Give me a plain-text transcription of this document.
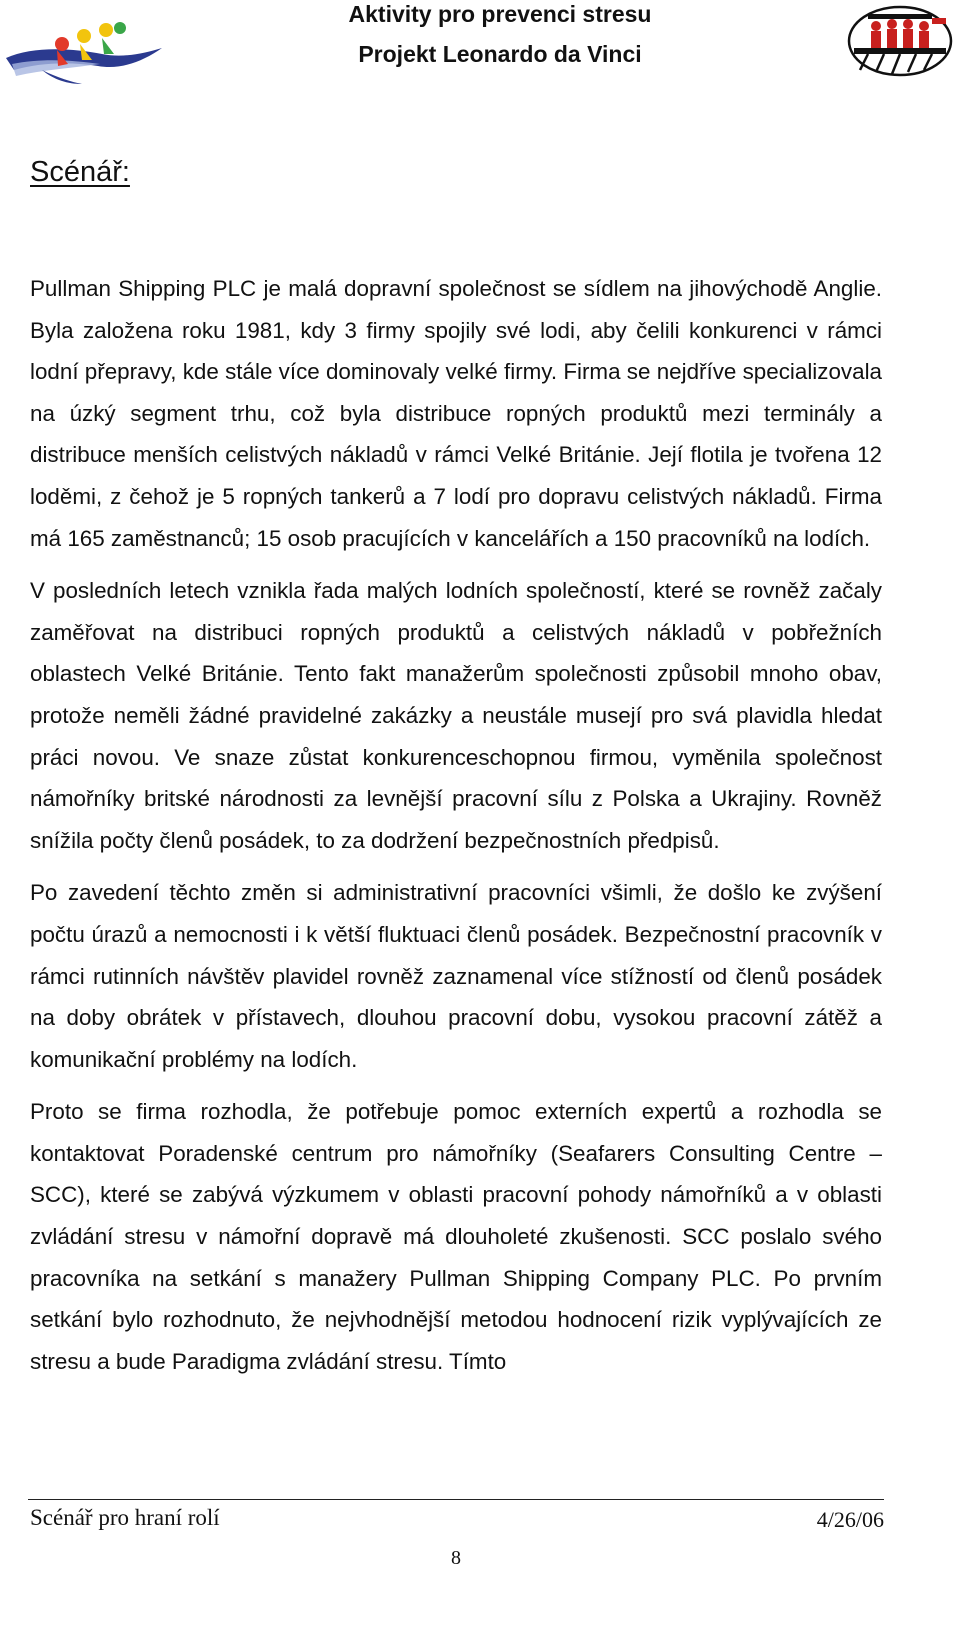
Aktivity pro prevenci stresu
Projekt Leonardo da Vinci
Scénář:

Pullman Shipping PLC je malá dopravní společnost se sídlem na jihovýchodě Anglie. Byla založena roku 1981, kdy 3 firmy spojily své lodi, aby čelili konkurenci v rámci lodní přepravy, kde stále více dominovaly velké firmy. Firma se nejdříve specializovala na úzký segment trhu, což byla distribuce ropných produktů mezi terminály a distribuce menších celistvých nákladů v rámci Velké Británie. Její flotila je tvořena 12 loděmi, z čehož je 5 ropných tankerů a 7 lodí pro dopravu celistvých nákladů. Firma má 165 zaměstnanců; 15 osob pracujících v kancelářích a 150 pracovníků na lodích.

V posledních letech vznikla řada malých lodních společností, které se rovněž začaly zaměřovat na distribuci ropných produktů a celistvých nákladů v pobřežních oblastech Velké Británie. Tento fakt manažerům společnosti způsobil mnoho obav, protože neměli žádné pravidelné zakázky a neustále musejí pro svá plavidla hledat práci novou. Ve snaze zůstat konkurenceschopnou firmou, vyměnila společnost námořníky britské národnosti za levnější pracovní sílu z Polska a Ukrajiny. Rovněž snížila počty členů posádek, to za dodržení bezpečnostních předpisů.

Po zavedení těchto změn si administrativní pracovníci všimli, že došlo ke zvýšení počtu úrazů a nemocnosti i k větší fluktuaci členů posádek. Bezpečnostní pracovník v rámci rutinních návštěv plavidel rovněž zaznamenal více stížností od členů posádek na doby obrátek v přístavech, dlouhou pracovní dobu, vysokou pracovní zátěž a komunikační problémy na lodích.

Proto se firma rozhodla, že potřebuje pomoc externích expertů a rozhodla se kontaktovat Poradenské centrum pro námořníky (Seafarers Consulting Centre – SCC), které se zabývá výzkumem v oblasti pracovní pohody námořníků a v oblasti zvládání stresu v námořní dopravě má dlouholeté zkušenosti. SCC poslalo svého pracovníka na setkání s manažery Pullman Shipping Company PLC. Po prvním setkání bylo rozhodnuto, že nejvhodnější metodou hodnocení rizik vyplývajících ze stresu a bude Paradigma zvládání stresu. Tímto

Scénář pro hraní rolí	4/26/06
8
